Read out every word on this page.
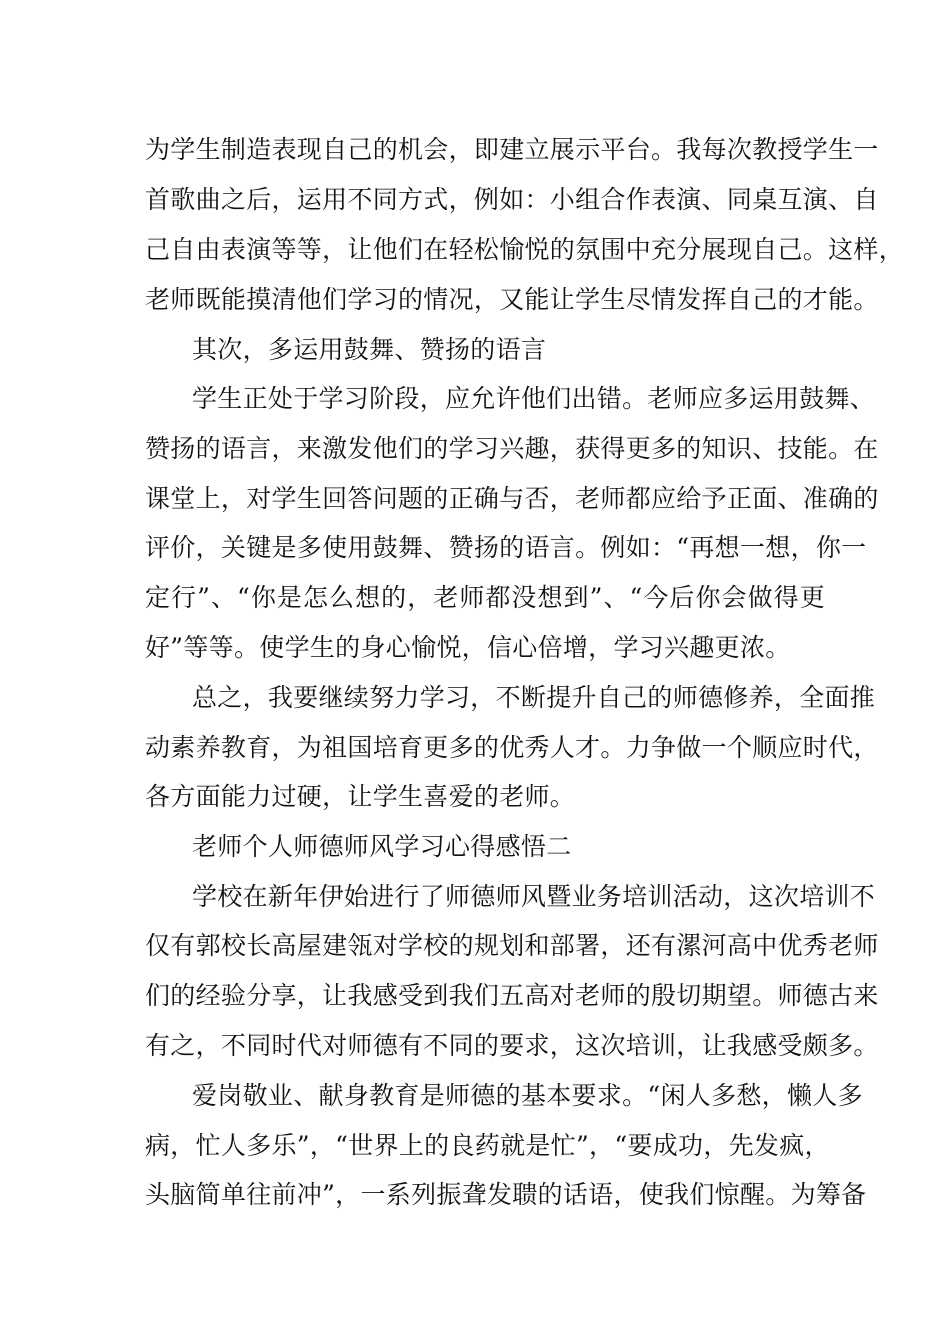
为学生制造表现自己的机会，即建立展示平台。我每次教授学生一
首歌曲之后，运用不同方式，例如：小组合作表演、同桌互演、自
己自由表演等等，让他们在轻松愉悦的氛围中充分展现自己。这样，
老师既能摸清他们学习的情况，又能让学生尽情发挥自己的才能。
其次，多运用鼓舞、赞扬的语言
学生正处于学习阶段，应允许他们出错。老师应多运用鼓舞、
赞扬的语言，来激发他们的学习兴趣，获得更多的知识、技能。在
课堂上，对学生回答问题的正确与否，老师都应给予正面、准确的
评价，关键是多使用鼓舞、赞扬的语言。例如：“再想一想，你一
定行”、“你是怎么想的，老师都没想到”、“今后你会做得更
好”等等。使学生的身心愉悦，信心倍增，学习兴趣更浓。
总之，我要继续努力学习，不断提升自己的师德修养，全面推
动素养教育，为祖国培育更多的优秀人才。力争做一个顺应时代，
各方面能力过硬，让学生喜爱的老师。
老师个人师德师风学习心得感悟二
学校在新年伊始进行了师德师风暨业务培训活动，这次培训不
仅有郭校长高屋建瓴对学校的规划和部署，还有漯河高中优秀老师
们的经验分享，让我感受到我们五高对老师的殷切期望。师德古来
有之，不同时代对师德有不同的要求，这次培训，让我感受颇多。
爱岗敬业、献身教育是师德的基本要求。“闲人多愁，懒人多
病，忙人多乐”，“世界上的良药就是忙”，“要成功，先发疯，
头脑简单往前冲”，一系列振聋发聩的话语，使我们惊醒。为筹备
